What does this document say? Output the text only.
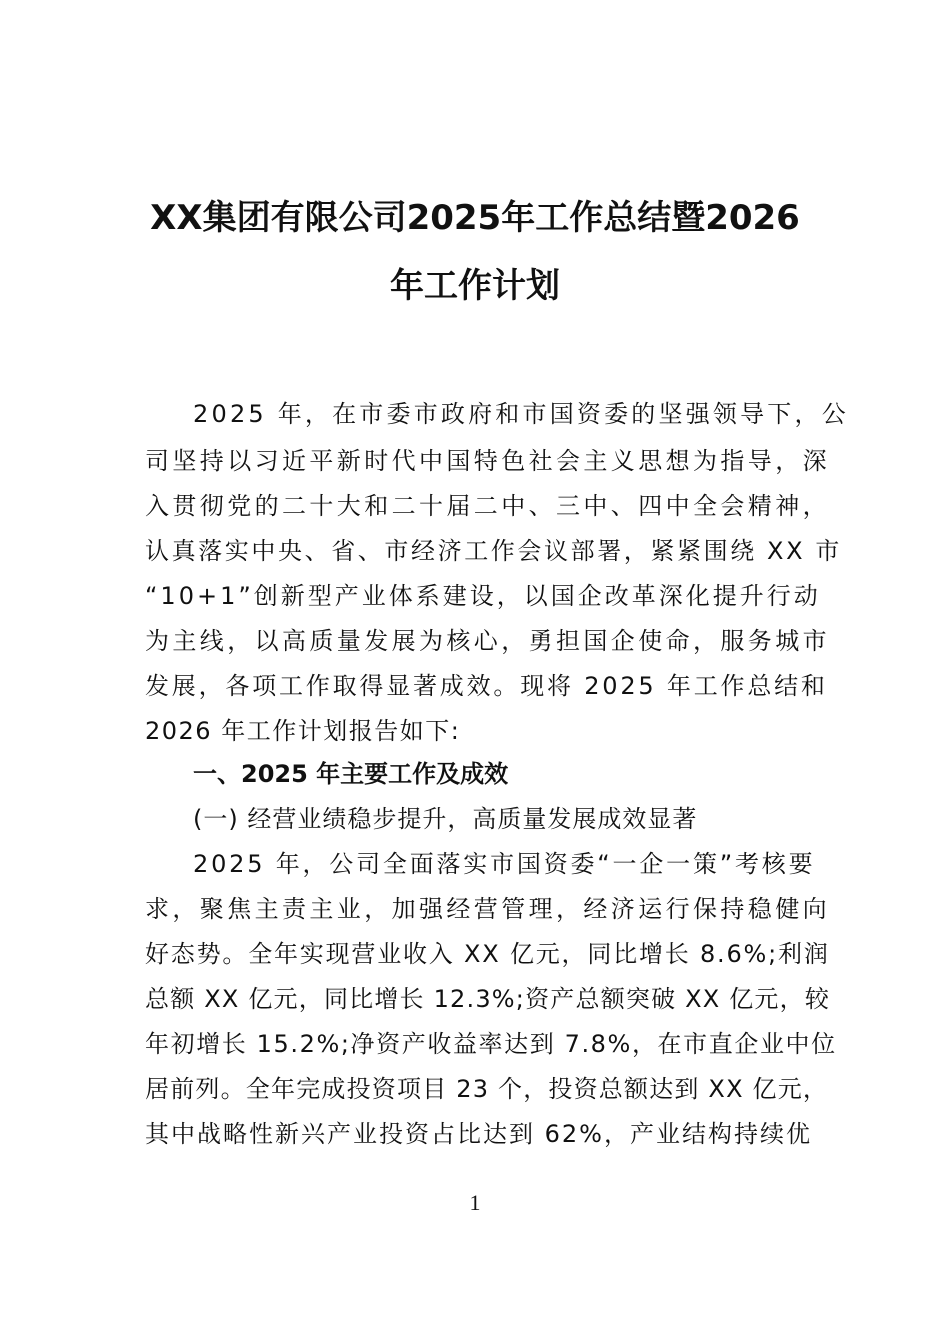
XX集团有限公司2025年工作总结暨2026
年工作计划
2025 年，在市委市政府和市国资委的坚强领导下，公
司坚持以习近平新时代中国特色社会主义思想为指导，深
入贯彻党的二十大和二十届二中、三中、四中全会精神，
认真落实中央、省、市经济工作会议部署，紧紧围绕 XX 市
“10+1”创新型产业体系建设，以国企改革深化提升行动
为主线，以高质量发展为核心，勇担国企使命，服务城市
发展，各项工作取得显著成效。现将 2025 年工作总结和
2026 年工作计划报告如下:
一、2025 年主要工作及成效
(一) 经营业绩稳步提升，高质量发展成效显著
2025 年，公司全面落实市国资委“一企一策”考核要
求，聚焦主责主业，加强经营管理，经济运行保持稳健向
好态势。全年实现营业收入 XX 亿元，同比增长 8.6%;利润
总额 XX 亿元，同比增长 12.3%;资产总额突破 XX 亿元，较
年初增长 15.2%;净资产收益率达到 7.8%，在市直企业中位
居前列。全年完成投资项目 23 个，投资总额达到 XX 亿元，
其中战略性新兴产业投资占比达到 62%，产业结构持续优
1
